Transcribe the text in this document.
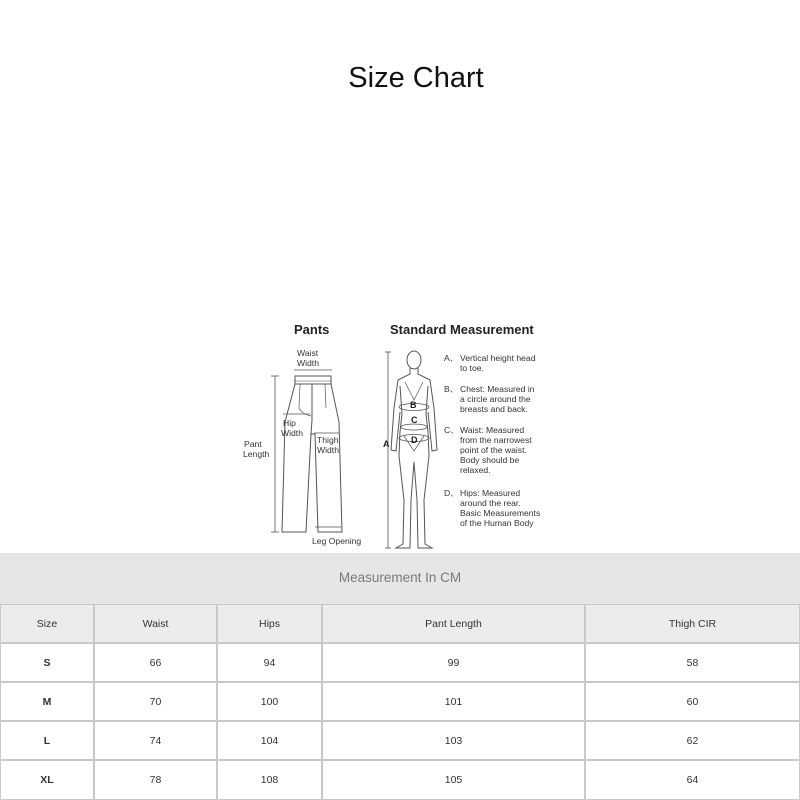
Size Chart
Pants	Standard Measurement
Waist
Width
Hip
Width
Thigh
Width
Pant
Length
Leg Opening
A
B
C
D
A、 Vertical height head
to toe.
B、 Chest: Measured in
a circle around the
breasts and back.
C、 Waist: Measured
from the narrowest
point of the waist.
Body should be
relaxed.
D、 Hips: Measured
around the rear.
Basic Measurements
of the Human Body
Measurement In CM
Size	Waist	Hips	Pant Length	Thigh CIR
S	66	94	99	58
M	70	100	101	60
L	74	104	103	62
XL	78	108	105	64
